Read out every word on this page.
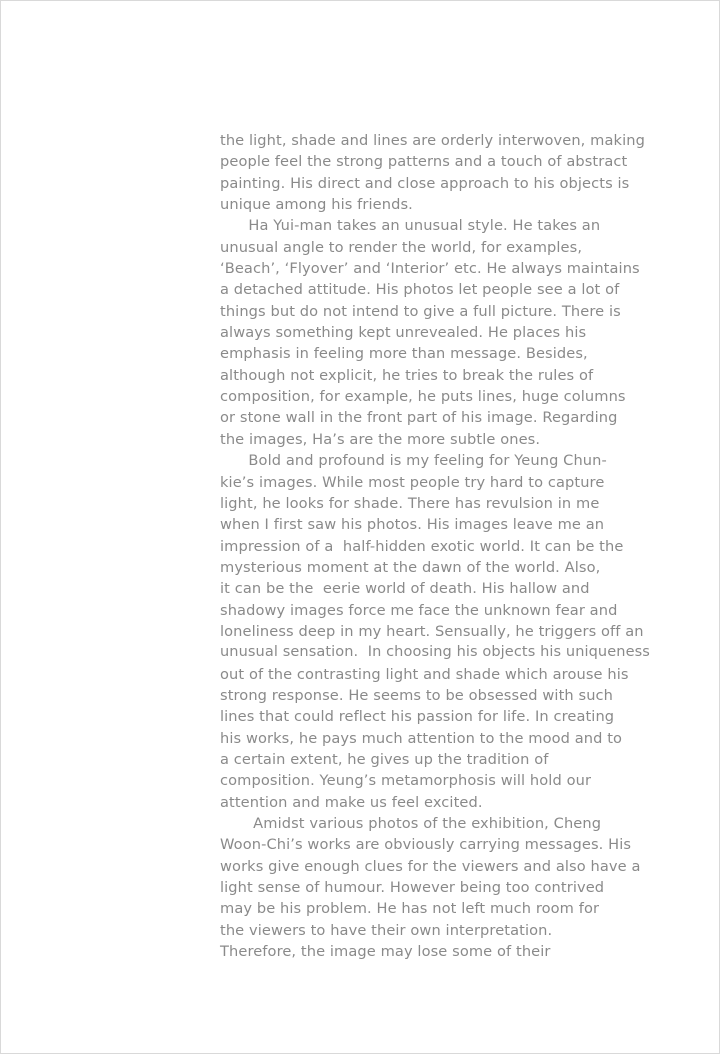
the light, shade and lines are orderly interwoven, making
people feel the strong patterns and a touch of abstract
painting. His direct and close approach to his objects is
unique among his friends.
Ha Yui-man takes an unusual style. He takes an
unusual angle to render the world, for examples,
‘Beach’, ‘Flyover’ and ‘Interior’ etc. He always maintains
a detached attitude. His photos let people see a lot of
things but do not intend to give a full picture. There is
always something kept unrevealed. He places his
emphasis in feeling more than message. Besides,
although not explicit, he tries to break the rules of
composition, for example, he puts lines, huge columns
or stone wall in the front part of his image. Regarding
the images, Ha’s are the more subtle ones.
Bold and profound is my feeling for Yeung Chun-
kie’s images. While most people try hard to capture
light, he looks for shade. There has revulsion in me
when I first saw his photos. His images leave me an
impression of a  half-hidden exotic world. It can be the
mysterious moment at the dawn of the world. Also,
it can be the  eerie world of death. His hallow and
shadowy images force me face the unknown fear and
loneliness deep in my heart. Sensually, he triggers off an
unusual sensation.  In choosing his objects his uniqueness
out of the contrasting light and shade which arouse his
strong response. He seems to be obsessed with such
lines that could reflect his passion for life. In creating
his works, he pays much attention to the mood and to
a certain extent, he gives up the tradition of
composition. Yeung’s metamorphosis will hold our
attention and make us feel excited.
Amidst various photos of the exhibition, Cheng
Woon-Chi’s works are obviously carrying messages. His
works give enough clues for the viewers and also have a
light sense of humour. However being too contrived
may be his problem. He has not left much room for
the viewers to have their own interpretation.
Therefore, the image may lose some of their
